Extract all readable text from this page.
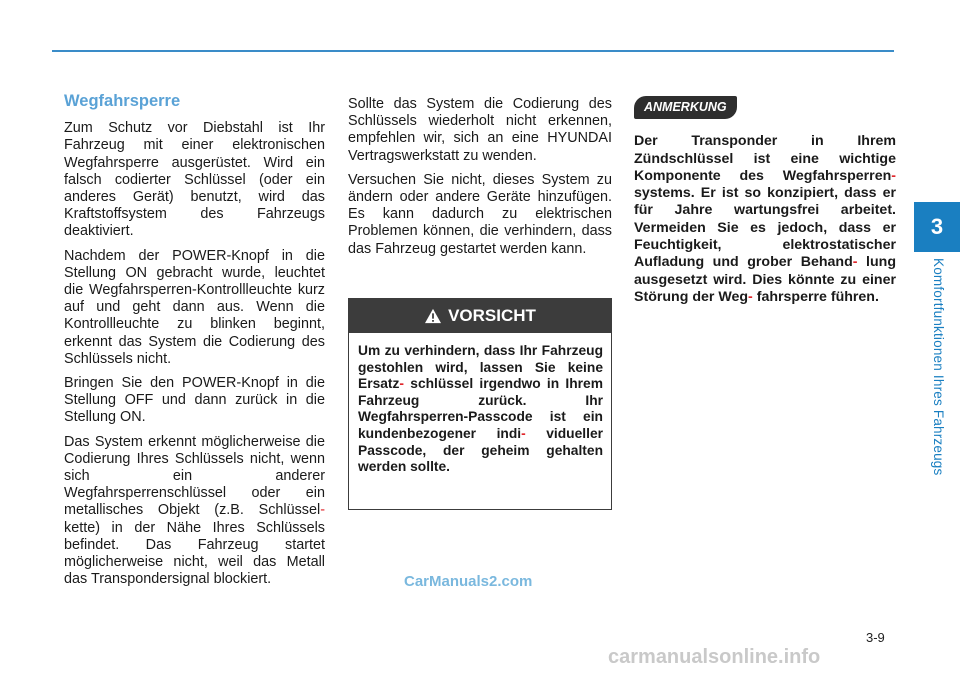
3
Komfortfunktionen Ihres Fahrzeugs
Wegfahrsperre

Zum Schutz vor Diebstahl ist Ihr Fahrzeug mit einer elektronischen Wegfahrsperre ausgerüstet. Wird ein falsch codierter Schlüssel (oder ein anderes Gerät) benutzt, wird das Kraftstoffsystem des Fahrzeugs deaktiviert.

Nachdem der POWER-Knopf in die Stellung ON gebracht wurde, leuchtet die Wegfahrsperren-Kontrollleuchte kurz auf und geht dann aus. Wenn die Kontrollleuchte zu blinken beginnt, erkennt das System die Codierung des Schlüssels nicht.

Bringen Sie den POWER-Knopf in die Stellung OFF und dann zurück in die Stellung ON.

Das System erkennt möglicherweise die Codierung Ihres Schlüssels nicht, wenn sich ein anderer Wegfahrsperrenschlüssel oder ein metallisches Objekt (z.B. Schlüssel- kette) in der Nähe Ihres Schlüssels befindet. Das Fahrzeug startet möglicherweise nicht, weil das Metall das Transpondersignal blockiert.

Sollte das System die Codierung des Schlüssels wiederholt nicht erkennen, empfehlen wir, sich an eine HYUNDAI Vertragswerkstatt zu wenden.

Versuchen Sie nicht, dieses System zu ändern oder andere Geräte hinzufügen. Es kann dadurch zu elektrischen Problemen können, die verhindern, dass das Fahrzeug gestartet werden kann.

VORSICHT
Um zu verhindern, dass Ihr Fahrzeug gestohlen wird, lassen Sie keine Ersatz- schlüssel irgendwo in Ihrem Fahrzeug zurück. Ihr Wegfahrsperren-Passcode ist ein kundenbezogener indi- vidueller Passcode, der geheim gehalten werden sollte.
ANMERKUNG

Der Transponder in Ihrem Zündschlüssel ist eine wichtige Komponente des Wegfahrsperren- systems. Er ist so konzipiert, dass er für Jahre wartungsfrei arbeitet. Vermeiden Sie es jedoch, dass er Feuchtigkeit, elektrostatischer Aufladung und grober Behand- lung ausgesetzt wird. Dies könnte zu einer Störung der Weg- fahrsperre führen.

CarManuals2.com
3-9
carmanualsonline.info
